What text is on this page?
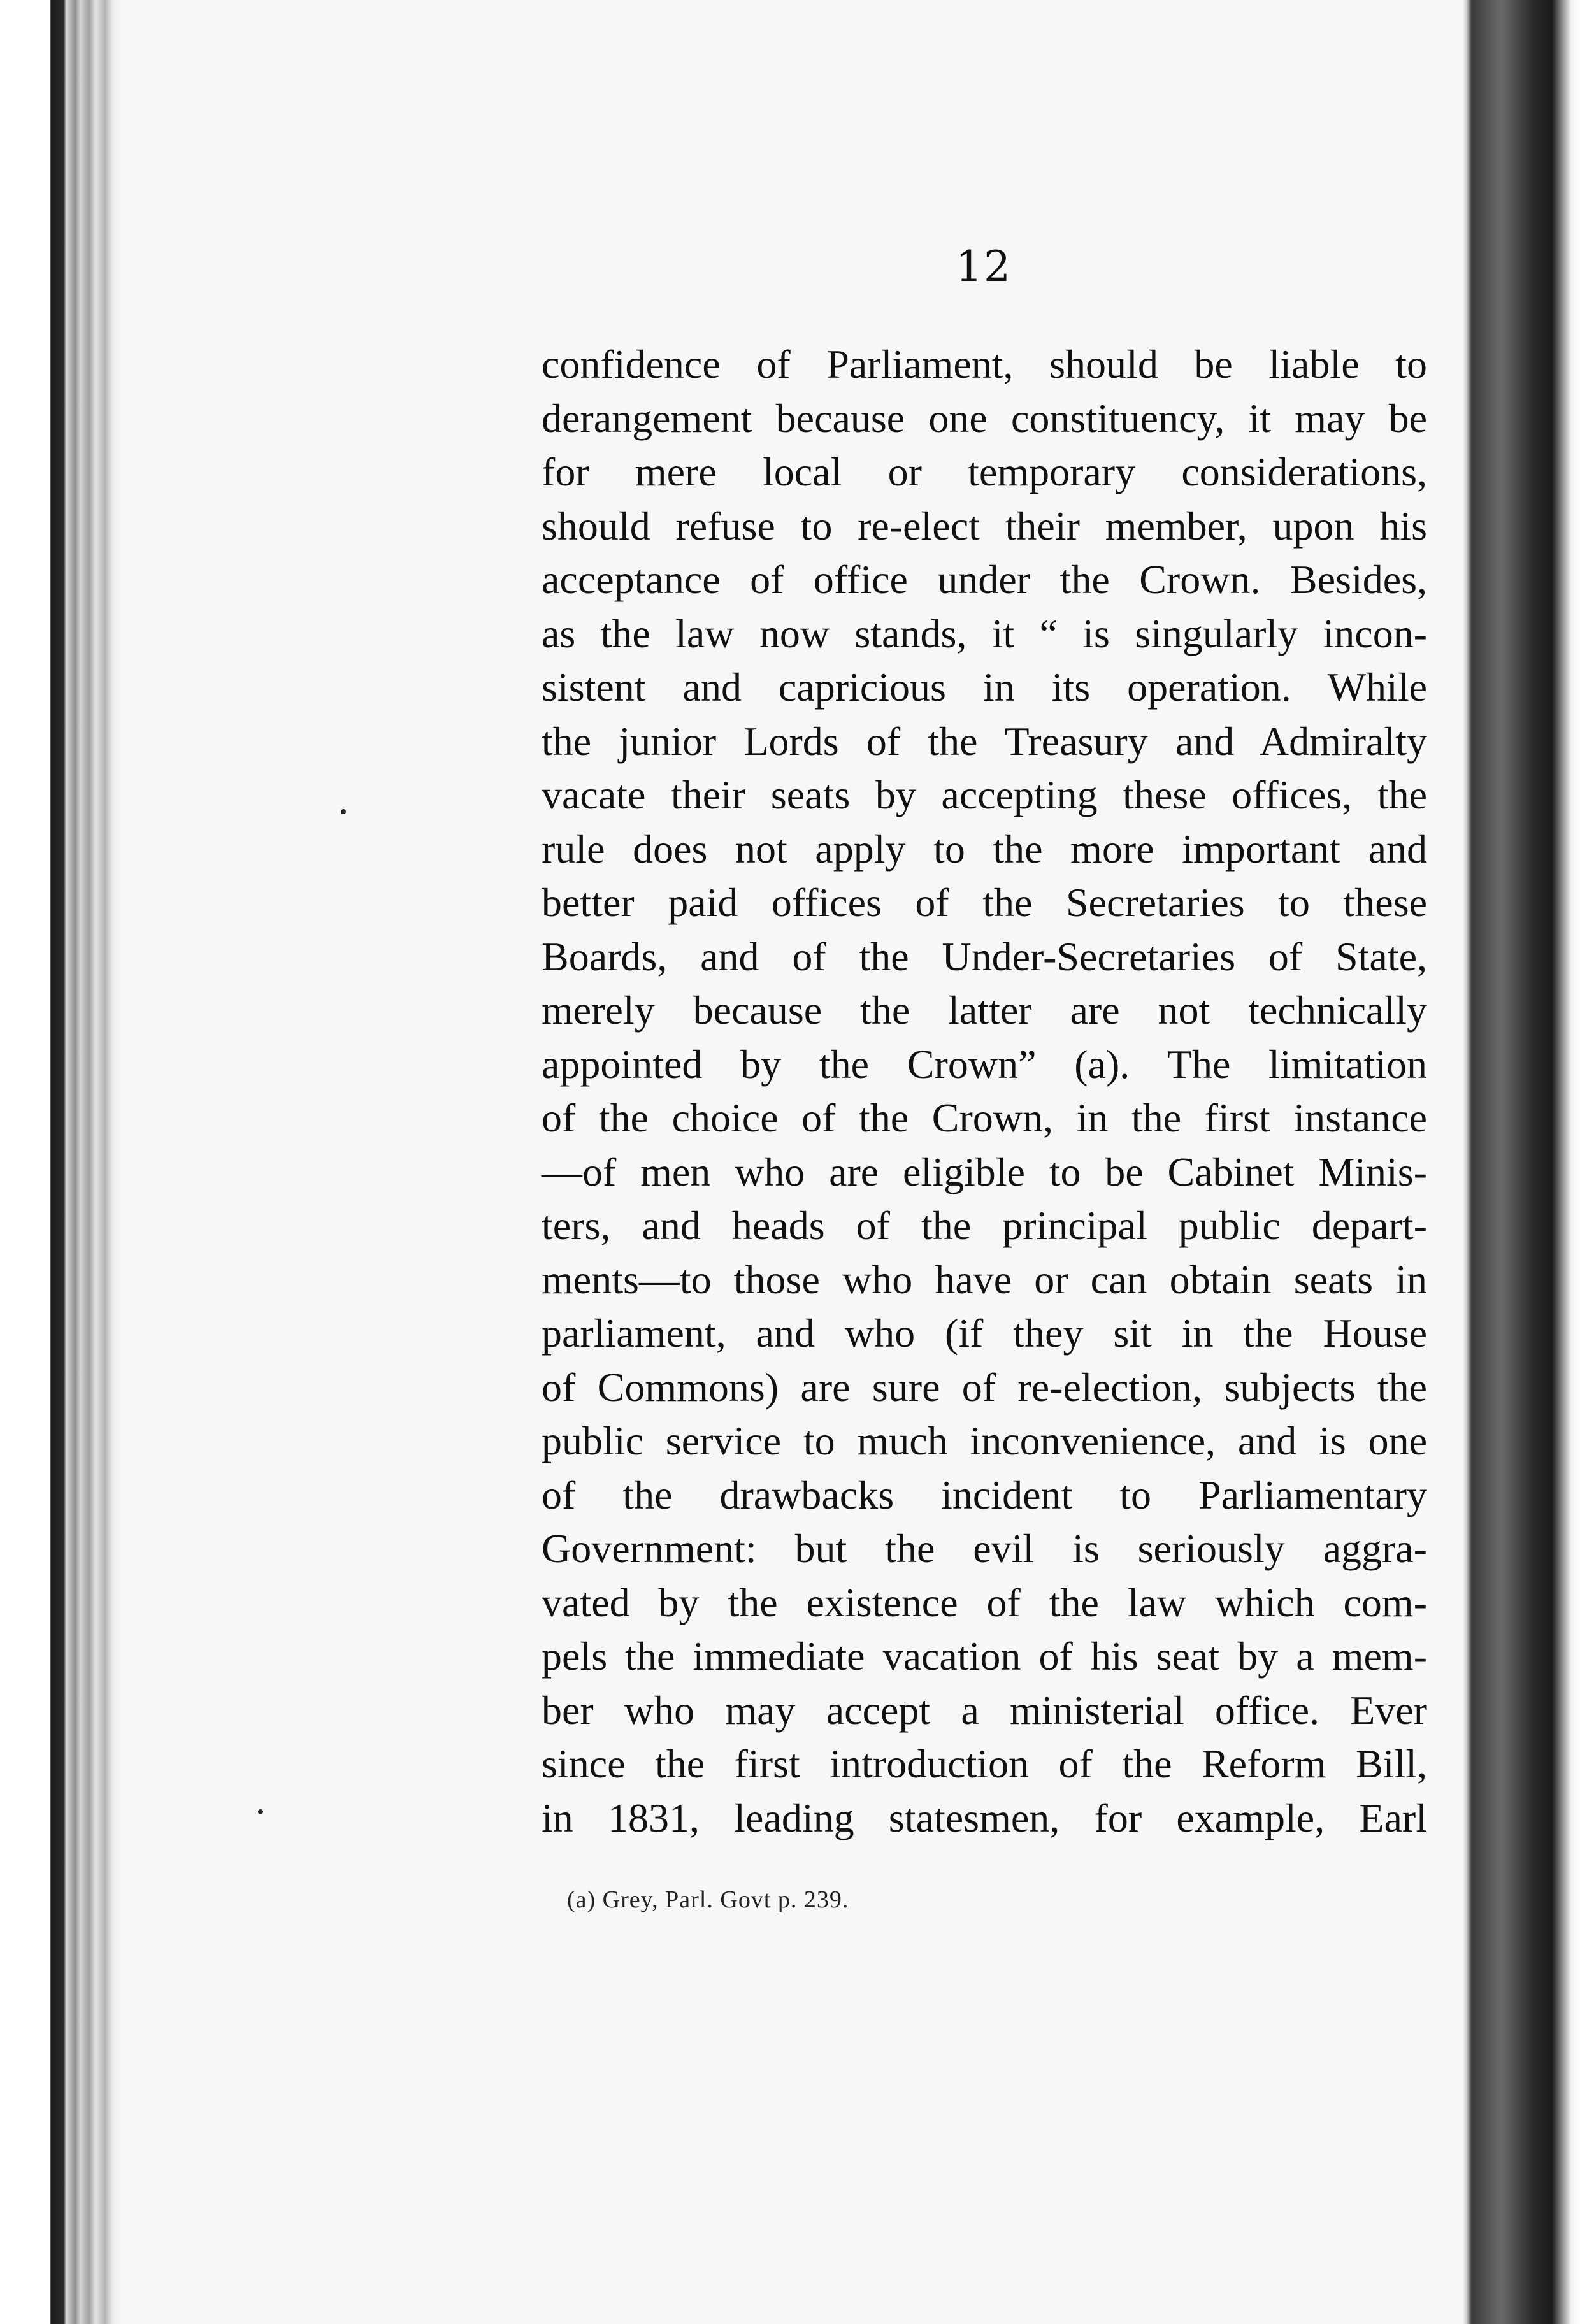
12
confidence of Parliament, should be liable to
derangement because one constituency, it may be
for mere local or temporary considerations,
should refuse to re-elect their member, upon his
acceptance of office under the Crown. Besides,
as the law now stands, it “ is singularly incon-
sistent and capricious in its operation. While
the junior Lords of the Treasury and Admiralty
vacate their seats by accepting these offices, the
rule does not apply to the more important and
better paid offices of the Secretaries to these
Boards, and of the Under-Secretaries of State,
merely because the latter are not technically
appointed by the Crown” (a). The limitation
of the choice of the Crown, in the first instance
—of men who are eligible to be Cabinet Minis-
ters, and heads of the principal public depart-
ments—to those who have or can obtain seats in
parliament, and who (if they sit in the House
of Commons) are sure of re-election, subjects the
public service to much inconvenience, and is one
of the drawbacks incident to Parliamentary
Government: but the evil is seriously aggra-
vated by the existence of the law which com-
pels the immediate vacation of his seat by a mem-
ber who may accept a ministerial office. Ever
since the first introduction of the Reform Bill,
in 1831, leading statesmen, for example, Earl
(a) Grey, Parl. Govt p. 239.
